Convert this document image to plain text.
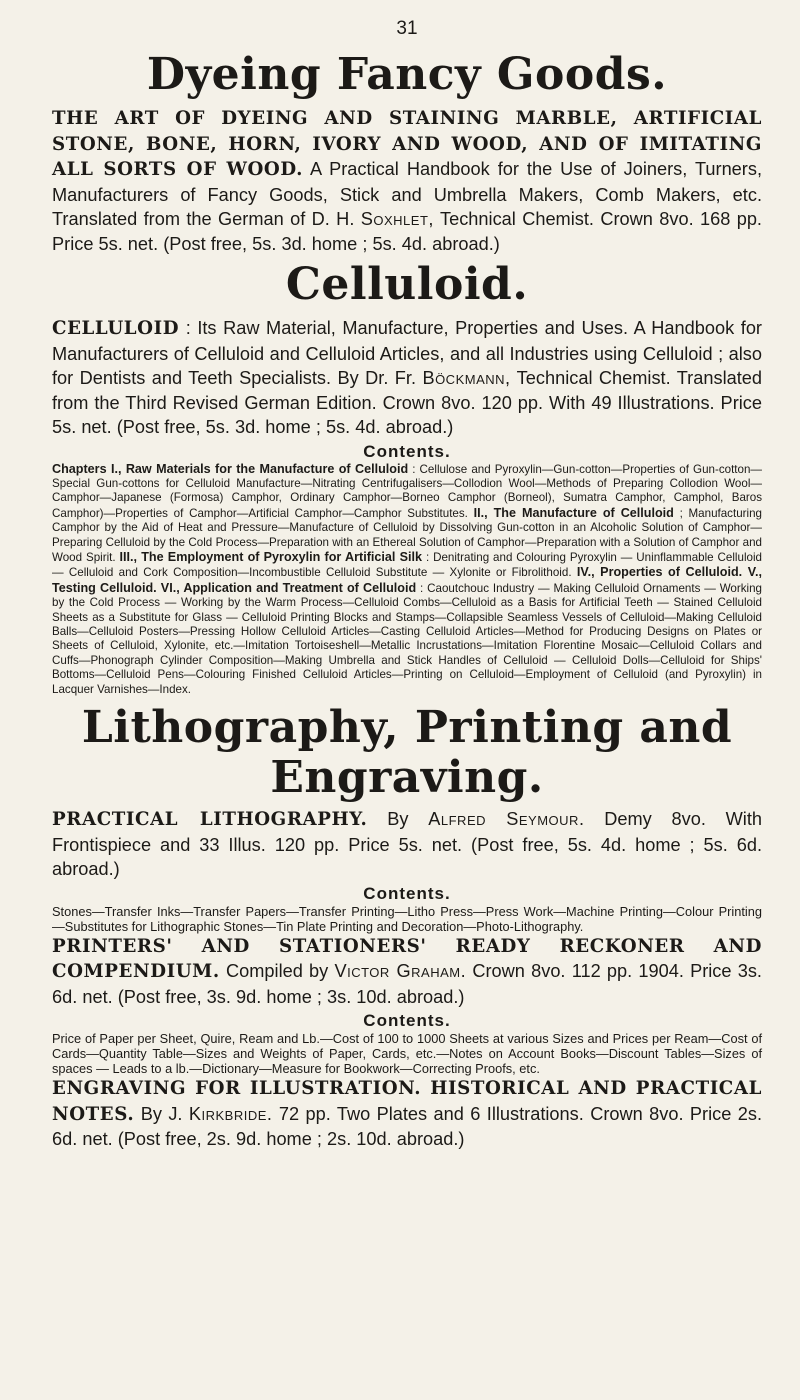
31
Dyeing Fancy Goods.

THE ART OF DYEING AND STAINING MARBLE, ARTIFICIAL STONE, BONE, HORN, IVORY AND WOOD, AND OF IMITATING ALL SORTS OF WOOD. A Practical Handbook for the Use of Joiners, Turners, Manufacturers of Fancy Goods, Stick and Umbrella Makers, Comb Makers, etc. Translated from the German of D. H. Soxhlet, Technical Chemist. Crown 8vo. 168 pp. Price 5s. net. (Post free, 5s. 3d. home ; 5s. 4d. abroad.)

Celluloid.

CELLULOID : Its Raw Material, Manufacture, Properties and Uses. A Handbook for Manufacturers of Celluloid and Celluloid Articles, and all Industries using Celluloid ; also for Dentists and Teeth Specialists. By Dr. Fr. Böckmann, Technical Chemist. Translated from the Third Revised German Edition. Crown 8vo. 120 pp. With 49 Illustrations. Price 5s. net. (Post free, 5s. 3d. home ; 5s. 4d. abroad.)

Contents.

Chapters I., Raw Materials for the Manufacture of Celluloid : Cellulose and Pyroxylin—Gun-cotton—Properties of Gun-cotton—Special Gun-cottons for Celluloid Manufacture—Nitrating Centrifugalisers—Collodion Wool—Methods of Preparing Collodion Wool—Camphor—Japanese (Formosa) Camphor, Ordinary Camphor—Borneo Camphor (Borneol), Sumatra Camphor, Camphol, Baros Camphor)—Properties of Camphor—Artificial Camphor—Camphor Substitutes. II., The Manufacture of Celluloid ; Manufacturing Camphor by the Aid of Heat and Pressure—Manufacture of Celluloid by Dissolving Gun-cotton in an Alcoholic Solution of Camphor—Preparing Celluloid by the Cold Process—Preparation with an Ethereal Solution of Camphor—Preparation with a Solution of Camphor and Wood Spirit. III., The Employment of Pyroxylin for Artificial Silk : Denitrating and Colouring Pyroxylin — Uninflammable Celluloid — Celluloid and Cork Composition—Incombustible Celluloid Substitute — Xylonite or Fibrolithoid. IV., Properties of Celluloid. V., Testing Celluloid. VI., Application and Treatment of Celluloid : Caoutchouc Industry — Making Celluloid Ornaments — Working by the Cold Process — Working by the Warm Process—Celluloid Combs—Celluloid as a Basis for Artificial Teeth — Stained Celluloid Sheets as a Substitute for Glass — Celluloid Printing Blocks and Stamps—Collapsible Seamless Vessels of Celluloid—Making Celluloid Balls—Celluloid Posters—Pressing Hollow Celluloid Articles—Casting Celluloid Articles—Method for Producing Designs on Plates or Sheets of Celluloid, Xylonite, etc.—Imitation Tortoiseshell—Metallic Incrustations—Imitation Florentine Mosaic—Celluloid Collars and Cuffs—Phonograph Cylinder Composition—Making Umbrella and Stick Handles of Celluloid — Celluloid Dolls—Celluloid for Ships' Bottoms—Celluloid Pens—Colouring Finished Celluloid Articles—Printing on Celluloid—Employment of Celluloid (and Pyroxylin) in Lacquer Varnishes—Index.

Lithography, Printing and
Engraving.

PRACTICAL LITHOGRAPHY. By Alfred Seymour. Demy 8vo. With Frontispiece and 33 Illus. 120 pp. Price 5s. net. (Post free, 5s. 4d. home ; 5s. 6d. abroad.)

Contents.

Stones—Transfer Inks—Transfer Papers—Transfer Printing—Litho Press—Press Work—Machine Printing—Colour Printing—Substitutes for Lithographic Stones—Tin Plate Printing and Decoration—Photo-Lithography.

PRINTERS' AND STATIONERS' READY RECKONER AND COMPENDIUM. Compiled by Victor Graham. Crown 8vo. 112 pp. 1904. Price 3s. 6d. net. (Post free, 3s. 9d. home ; 3s. 10d. abroad.)

Contents.

Price of Paper per Sheet, Quire, Ream and Lb.—Cost of 100 to 1000 Sheets at various Sizes and Prices per Ream—Cost of Cards—Quantity Table—Sizes and Weights of Paper, Cards, etc.—Notes on Account Books—Discount Tables—Sizes of spaces — Leads to a lb.—Dictionary—Measure for Bookwork—Correcting Proofs, etc.

ENGRAVING FOR ILLUSTRATION. HISTORICAL AND PRACTICAL NOTES. By J. Kirkbride. 72 pp. Two Plates and 6 Illustrations. Crown 8vo. Price 2s. 6d. net. (Post free, 2s. 9d. home ; 2s. 10d. abroad.)
